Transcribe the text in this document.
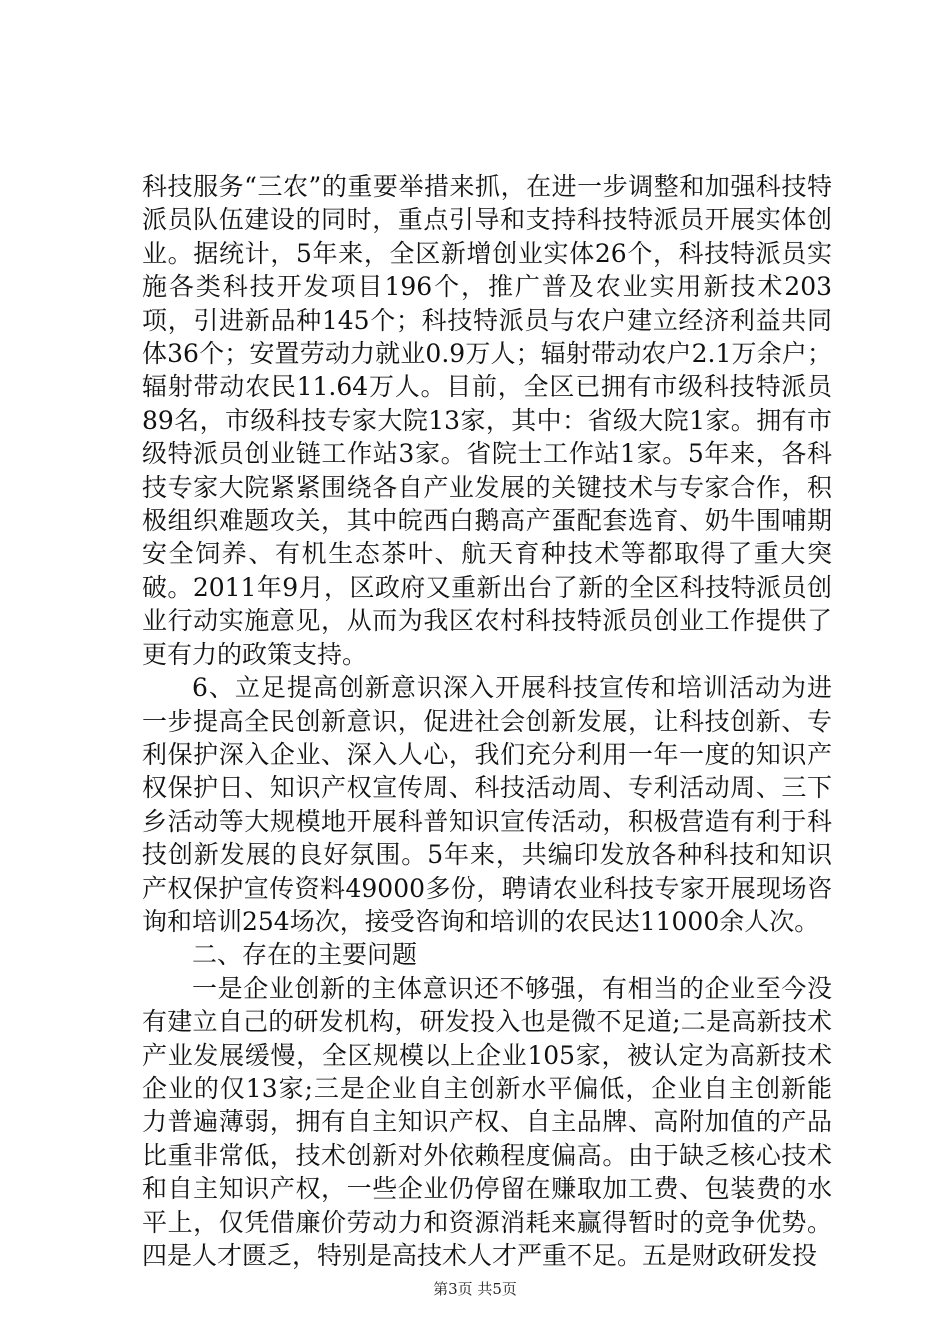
科技服务“三农”的重要举措来抓，在进一步调整和加强科技特派员队伍建设的同时，重点引导和支持科技特派员开展实体创业。据统计，5年来，全区新增创业实体26个，科技特派员实施各类科技开发项目196个，推广普及农业实用新技术203项，引进新品种145个；科技特派员与农户建立经济利益共同体36个；安置劳动力就业0.9万人；辐射带动农户2.1万余户；辐射带动农民11.64万人。目前，全区已拥有市级科技特派员89名，市级科技专家大院13家，其中：省级大院1家。拥有市级特派员创业链工作站3家。省院士工作站1家。5年来，各科技专家大院紧紧围绕各自产业发展的关键技术与专家合作，积极组织难题攻关，其中皖西白鹅高产蛋配套选育、奶牛围哺期安全饲养、有机生态茶叶、航天育种技术等都取得了重大突破。2011年9月，区政府又重新出台了新的全区科技特派员创业行动实施意见，从而为我区农村科技特派员创业工作提供了更有力的政策支持。

6、立足提高创新意识深入开展科技宣传和培训活动为进一步提高全民创新意识，促进社会创新发展，让科技创新、专利保护深入企业、深入人心，我们充分利用一年一度的知识产权保护日、知识产权宣传周、科技活动周、专利活动周、三下乡活动等大规模地开展科普知识宣传活动，积极营造有利于科技创新发展的良好氛围。5年来，共编印发放各种科技和知识产权保护宣传资料49000多份，聘请农业科技专家开展现场咨询和培训254场次，接受咨询和培训的农民达11000余人次。

二、存在的主要问题

一是企业创新的主体意识还不够强，有相当的企业至今没有建立自己的研发机构，研发投入也是微不足道;二是高新技术产业发展缓慢，全区规模以上企业105家，被认定为高新技术企业的仅13家;三是企业自主创新水平偏低，企业自主创新能力普遍薄弱，拥有自主知识产权、自主品牌、高附加值的产品比重非常低，技术创新对外依赖程度偏高。由于缺乏核心技术和自主知识产权，一些企业仍停留在赚取加工费、包装费的水平上，仅凭借廉价劳动力和资源消耗来赢得暂时的竞争优势。四是人才匮乏，特别是高技术人才严重不足。五是财政研发投

第3页 共5页
